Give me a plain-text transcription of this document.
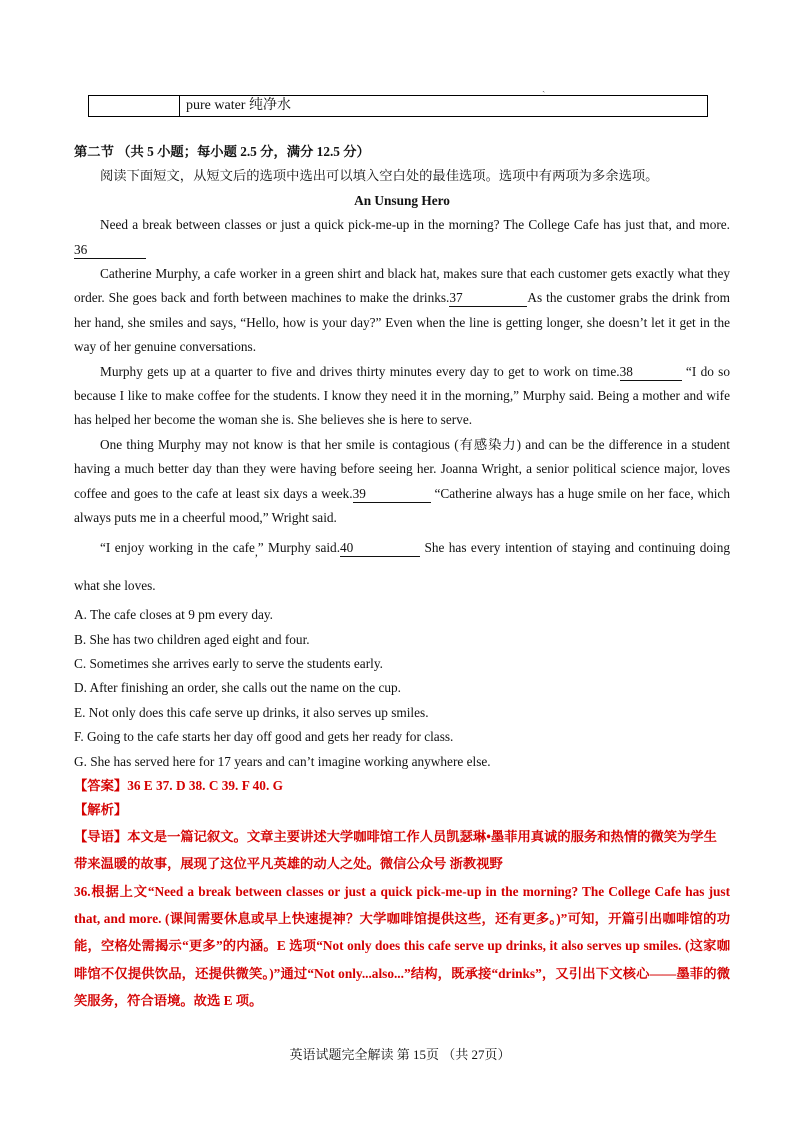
ˎ
pure water 纯净水

第二节 （共 5 小题；每小题 2.5 分，满分 12.5 分）

阅读下面短文，从短文后的选项中选出可以填入空白处的最佳选项。选项中有两项为多余选项。

An Unsung Hero

Need a break between classes or just a quick pick-me-up in the morning? The College Cafe has just that, and more. 36

Catherine Murphy, a cafe worker in a green shirt and black hat, makes sure that each customer gets exactly what they order. She goes back and forth between machines to make the drinks.37	As the customer grabs the drink from her hand, she smiles and says, “Hello, how is your day?” Even when the line is getting longer, she doesn’t let it get in the way of her genuine conversations.

Murphy gets up at a quarter to five and drives thirty minutes every day to get to work on time.38	“I do so because I like to make coffee for the students. I know they need it in the morning,” Murphy said. Being a mother and wife has helped her become the woman she is. She believes she is here to serve.

One thing Murphy may not know is that her smile is contagious (有感染力) and can be the difference in a student having a much better day than they were having before seeing her. Joanna Wright, a senior political science major, loves coffee and goes to the cafe at least six days a week.39	“Catherine always has a huge smile on her face, which always puts me in a cheerful mood,” Wright said.

“I enjoy working in the cafe$_,$” Murphy said.40	She has every intention of staying and continuing doing what she loves.

A. The cafe closes at 9 pm every day.

B. She has two children aged eight and four.

C. Sometimes she arrives early to serve the students early.

D. After finishing an order, she calls out the name on the cup.

E. Not only does this cafe serve up drinks, it also serves up smiles.

F. Going to the cafe starts her day off good and gets her ready for class.

G. She has served here for 17 years and can’t imagine working anywhere else.

【答案】36 E 37. D 38. C 39. F 40. G

【解析】

【导语】本文是一篇记叙文。文章主要讲述大学咖啡馆工作人员凯瑟琳•墨菲用真诚的服务和热情的微笑为学生带来温暖的故事，展现了这位平凡英雄的动人之处。微信公众号 浙教视野

36.根据上文“Need a break between classes or just a quick pick-me-up in the morning? The College Cafe has just that, and more. (课间需要休息或早上快速提神？大学咖啡馆提供这些，还有更多。)”可知，开篇引出咖啡馆的功能，空格处需揭示“更多”的内涵。E 选项“Not only does this cafe serve up drinks, it also serves up smiles. (这家咖啡馆不仅提供饮品，还提供微笑。)”通过“Not only...also...”结构，既承接“drinks”，又引出下文核心——墨菲的微笑服务，符合语境。故选 E 项。

英语试题完全解读 第 15页 （共 27页）
